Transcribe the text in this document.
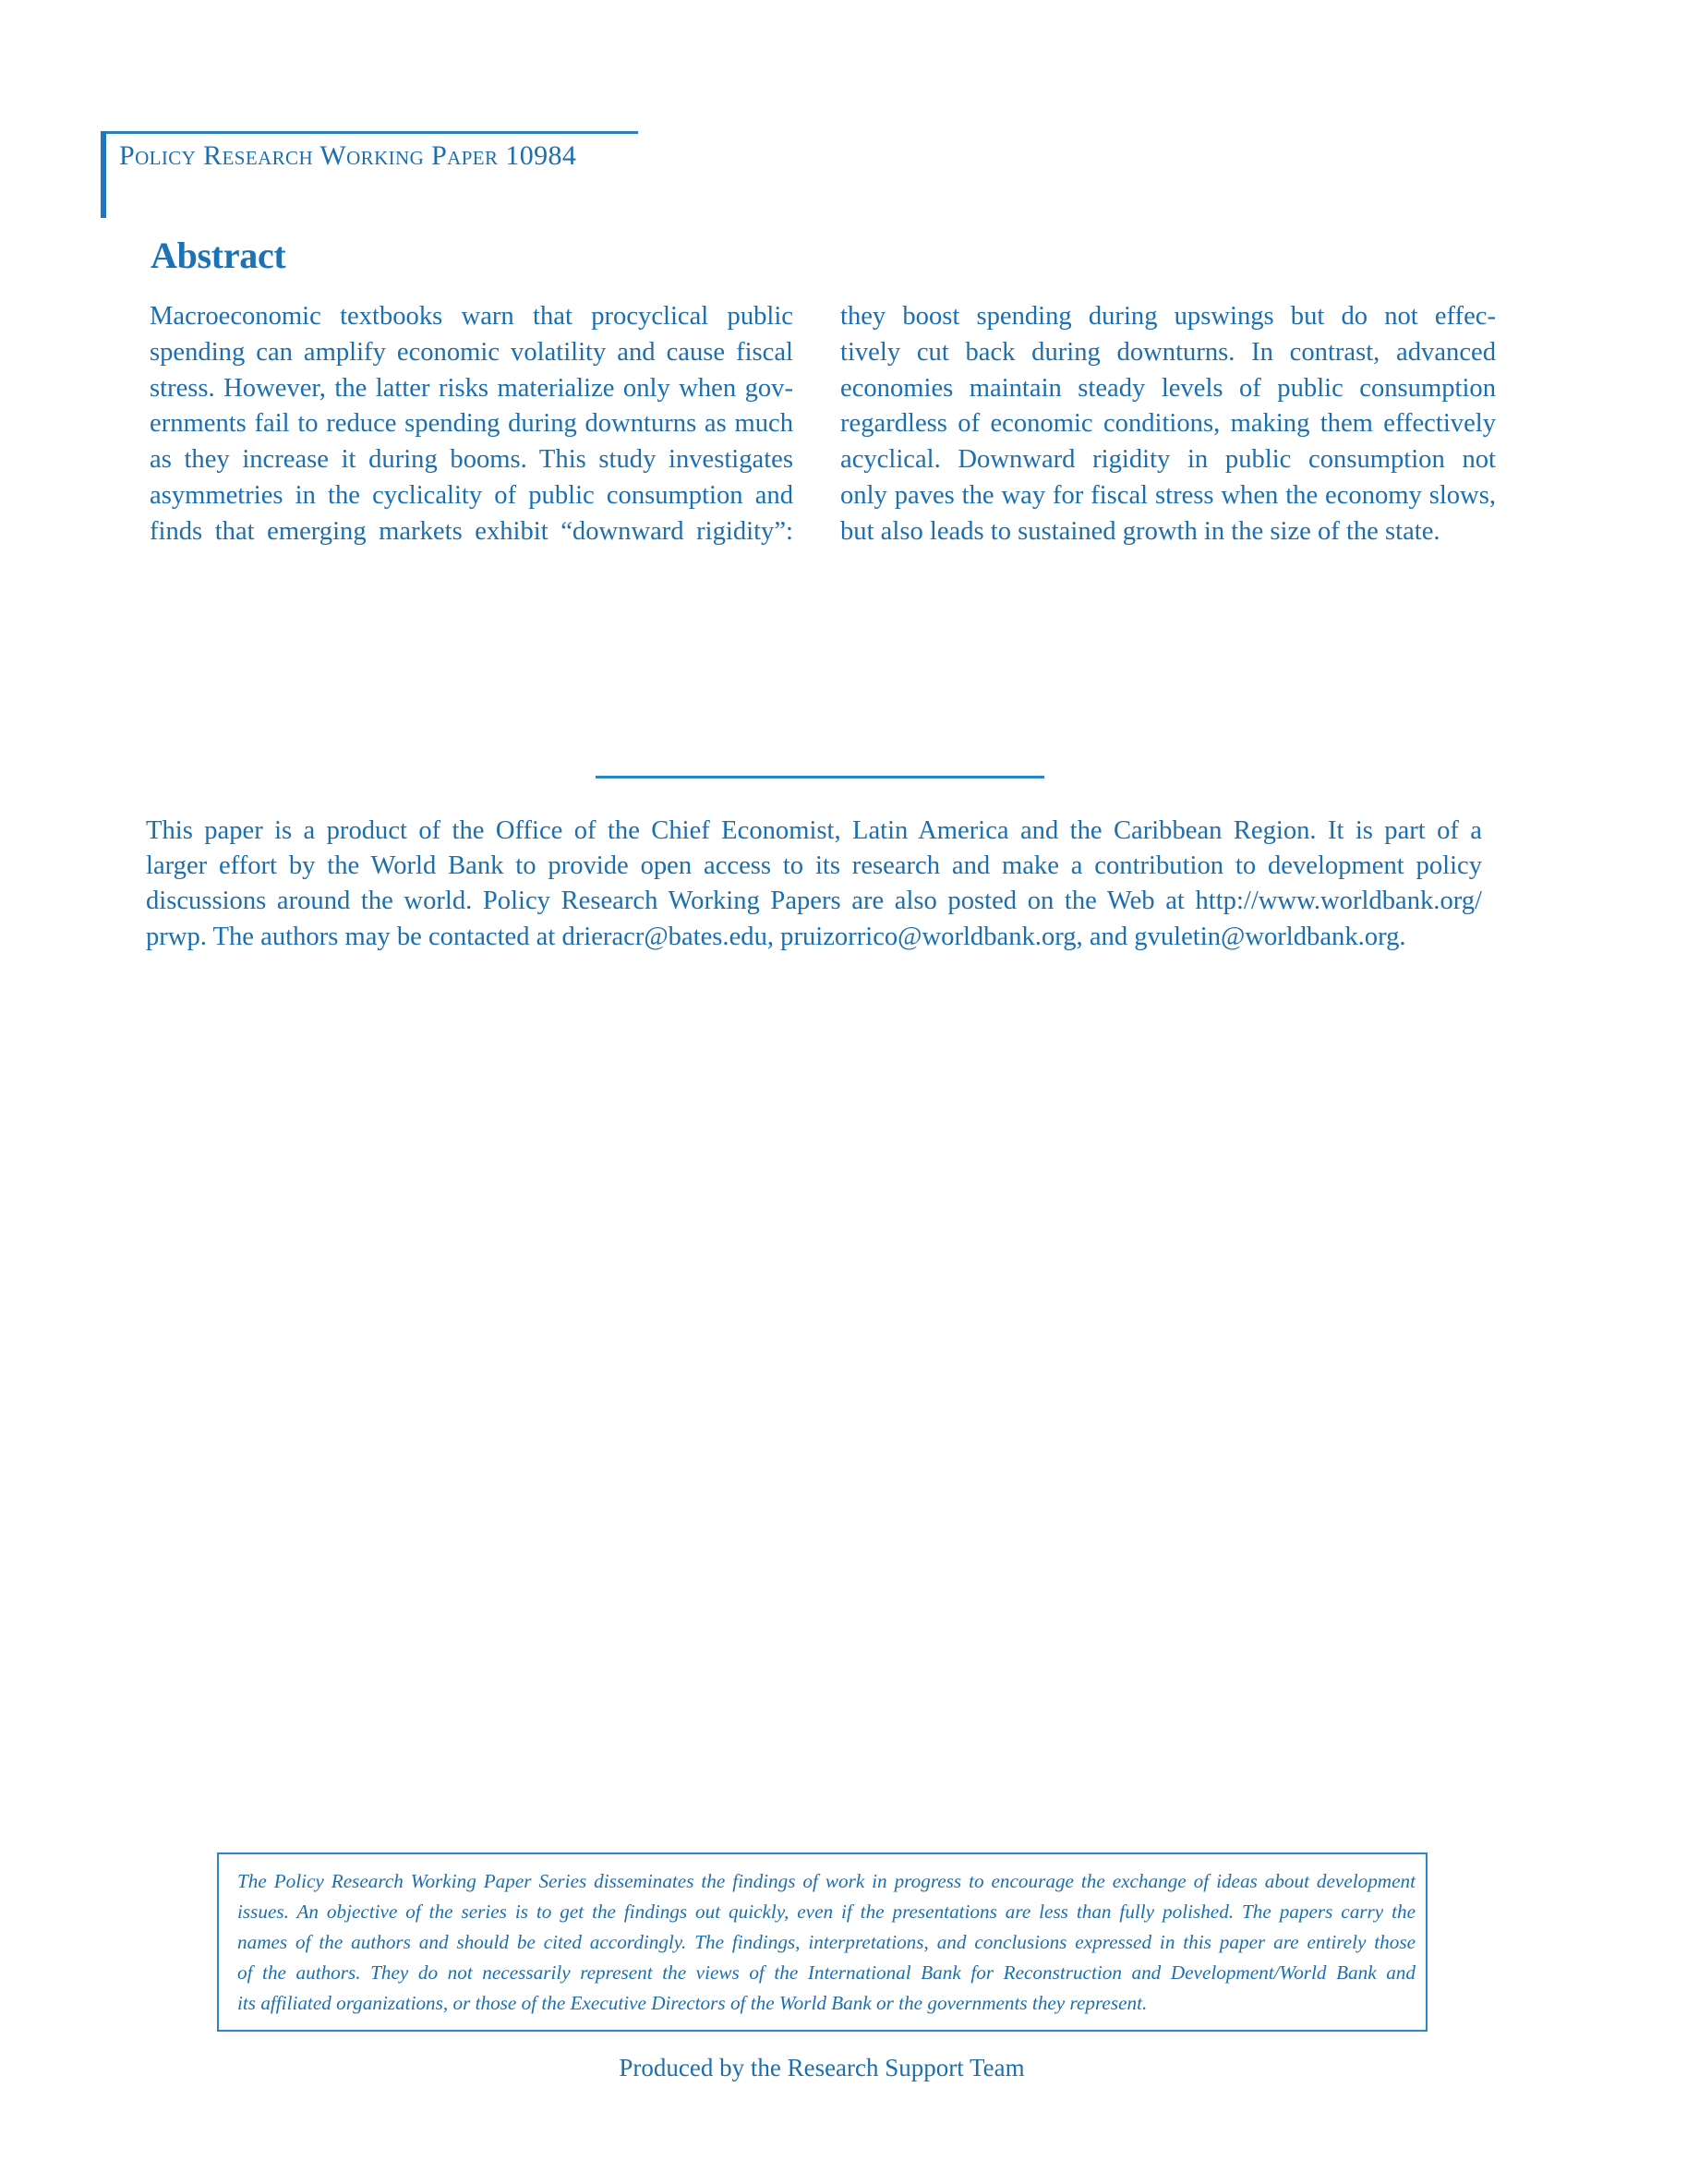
Policy Research Working Paper 10984
Abstract
Macroeconomic textbooks warn that procyclical public
spending can amplify economic volatility and cause fiscal
stress. However, the latter risks materialize only when gov-
ernments fail to reduce spending during downturns as much
as they increase it during booms. This study investigates
asymmetries in the cyclicality of public consumption and
finds that emerging markets exhibit “downward rigidity”:
they boost spending during upswings but do not effec-
tively cut back during downturns. In contrast, advanced
economies maintain steady levels of public consumption
regardless of economic conditions, making them effectively
acyclical. Downward rigidity in public consumption not
only paves the way for fiscal stress when the economy slows,
but also leads to sustained growth in the size of the state.
This paper is a product of the Office of the Chief Economist, Latin America and the Caribbean Region. It is part of a
larger effort by the World Bank to provide open access to its research and make a contribution to development policy
discussions around the world. Policy Research Working Papers are also posted on the Web at http://www.worldbank.org/
prwp. The authors may be contacted at drieracr@bates.edu, pruizorrico@worldbank.org, and gvuletin@worldbank.org.
The Policy Research Working Paper Series disseminates the findings of work in progress to encourage the exchange of ideas about development
issues. An objective of the series is to get the findings out quickly, even if the presentations are less than fully polished. The papers carry the
names of the authors and should be cited accordingly. The findings, interpretations, and conclusions expressed in this paper are entirely those
of the authors. They do not necessarily represent the views of the International Bank for Reconstruction and Development/World Bank and
its affiliated organizations, or those of the Executive Directors of the World Bank or the governments they represent.
Produced by the Research Support Team
